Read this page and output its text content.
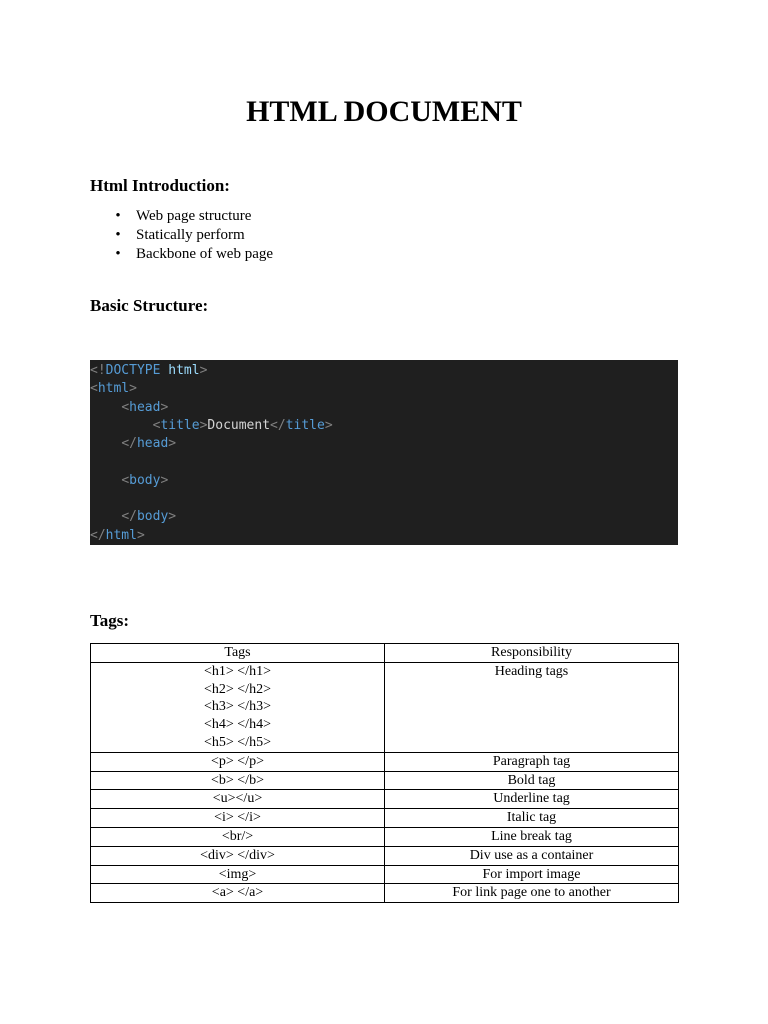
HTML DOCUMENT
Html Introduction:
• Web page structure
• Statically perform
• Backbone of web page
Basic Structure:
<!DOCTYPE html>
<html>
<head>
<title>Document</title>
</head>

<body>

</body>
</html>
Tags:
Tags	Responsibility

<h1> </h1>
<h2> </h2>
<h3> </h3>
<h4> </h4>
<h5> </h5>	Heading tags
<p> </p>	Paragraph tag
<b> </b>	Bold tag
<u></u>	Underline tag
<i> </i>	Italic tag
<br/>	Line break tag
<div> </div>	Div use as a container
<img>	For import image
<a> </a>	For link page one to another
